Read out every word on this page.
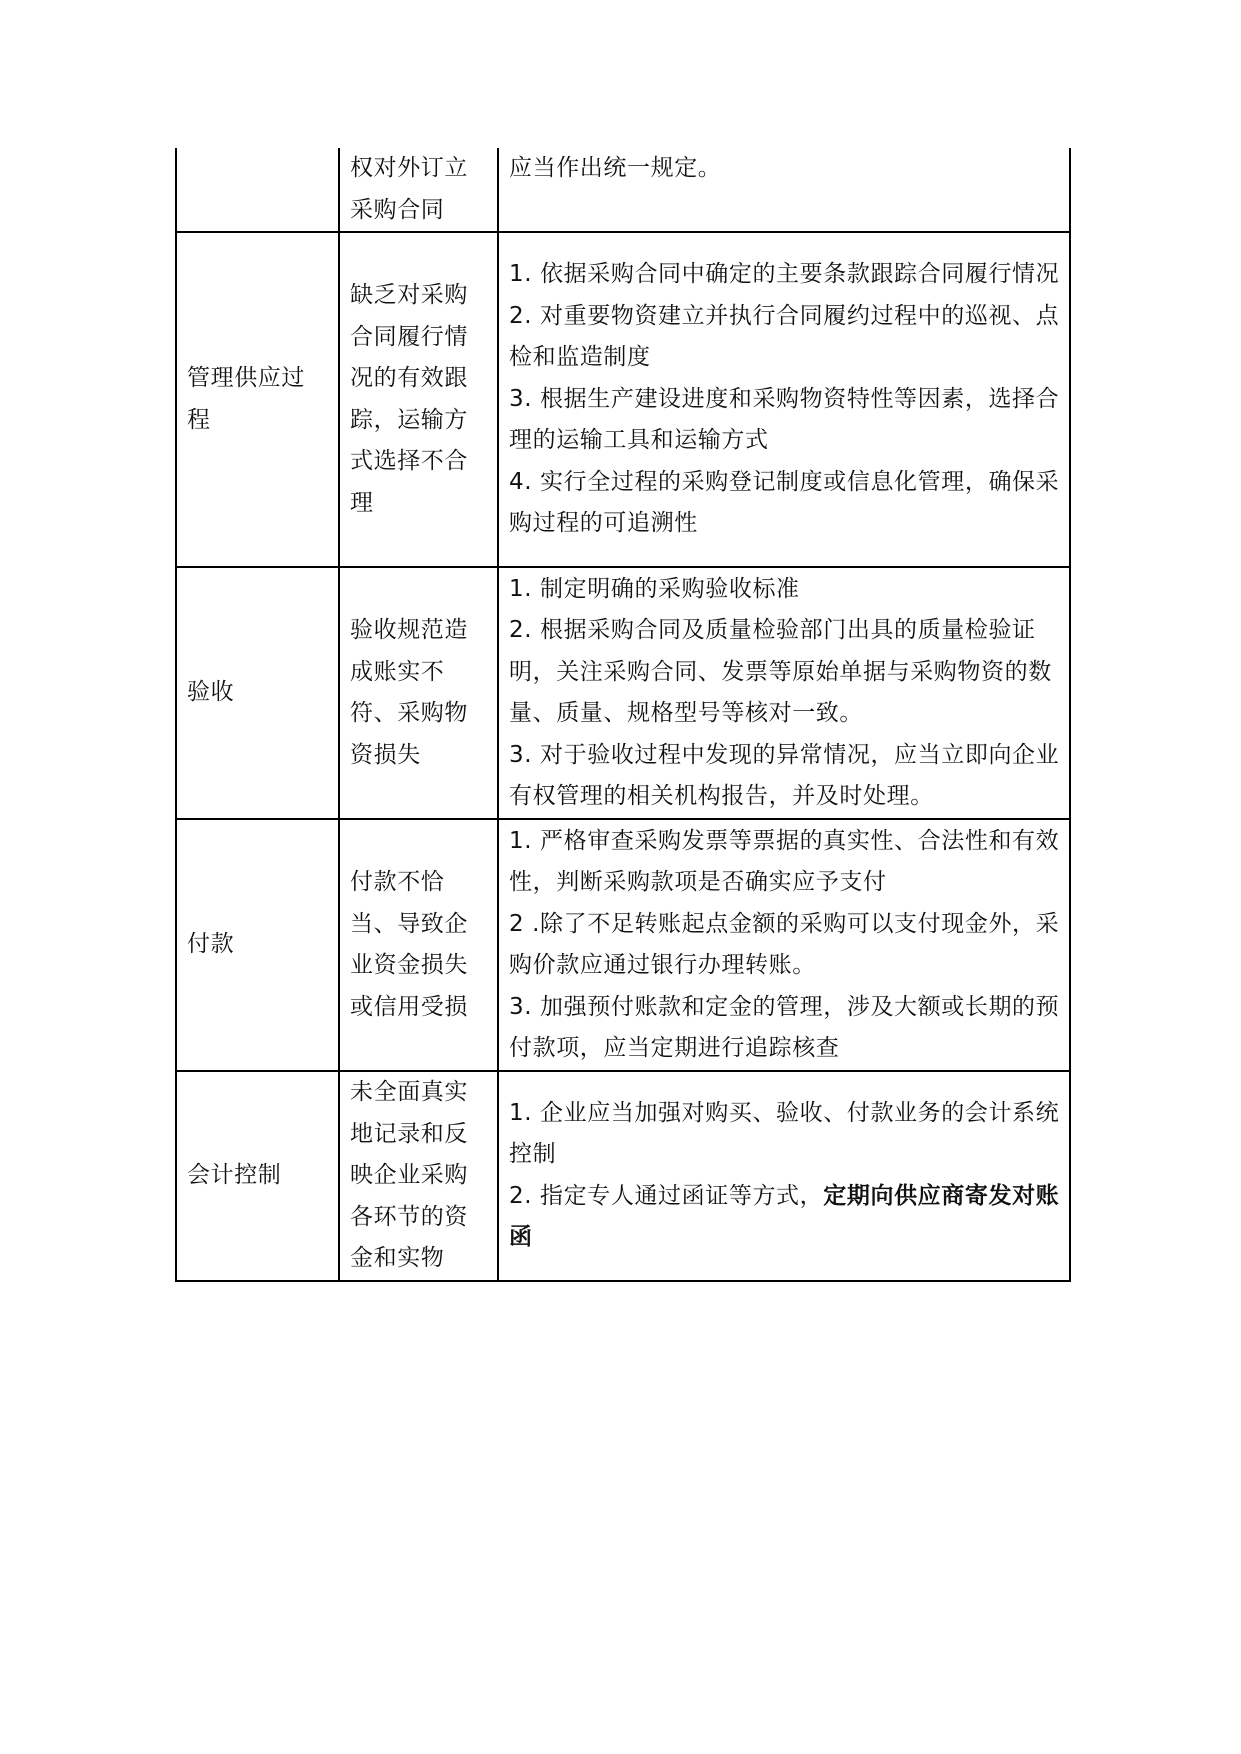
	权对外订立采购合同	应当作出统一规定。

管理供应过程	缺乏对采购合同履行情况的有效跟踪，运输方式选择不合理	1. 依据采购合同中确定的主要条款跟踪合同履行情况
2. 对重要物资建立并执行合同履约过程中的巡视、点检和监造制度
3. 根据生产建设进度和采购物资特性等因素，选择合理的运输工具和运输方式
4. 实行全过程的采购登记制度或信息化管理，确保采购过程的可追溯性

验收	验收规范造成账实不符、采购物资损失	1. 制定明确的采购验收标准
2. 根据采购合同及质量检验部门出具的质量检验证明，关注采购合同、发票等原始单据与采购物资的数量、质量、规格型号等核对一致。
3. 对于验收过程中发现的异常情况，应当立即向企业有权管理的相关机构报告，并及时处理。

付款	付款不恰当、导致企业资金损失或信用受损	1. 严格审查采购发票等票据的真实性、合法性和有效性，判断采购款项是否确实应予支付
2 .除了不足转账起点金额的采购可以支付现金外，采购价款应通过银行办理转账。
3. 加强预付账款和定金的管理，涉及大额或长期的预付款项，应当定期进行追踪核查

会计控制	未全面真实地记录和反映企业采购各环节的资金和实物	1. 企业应当加强对购买、验收、付款业务的会计系统控制
2. 指定专人通过函证等方式，定期向供应商寄发对账函
